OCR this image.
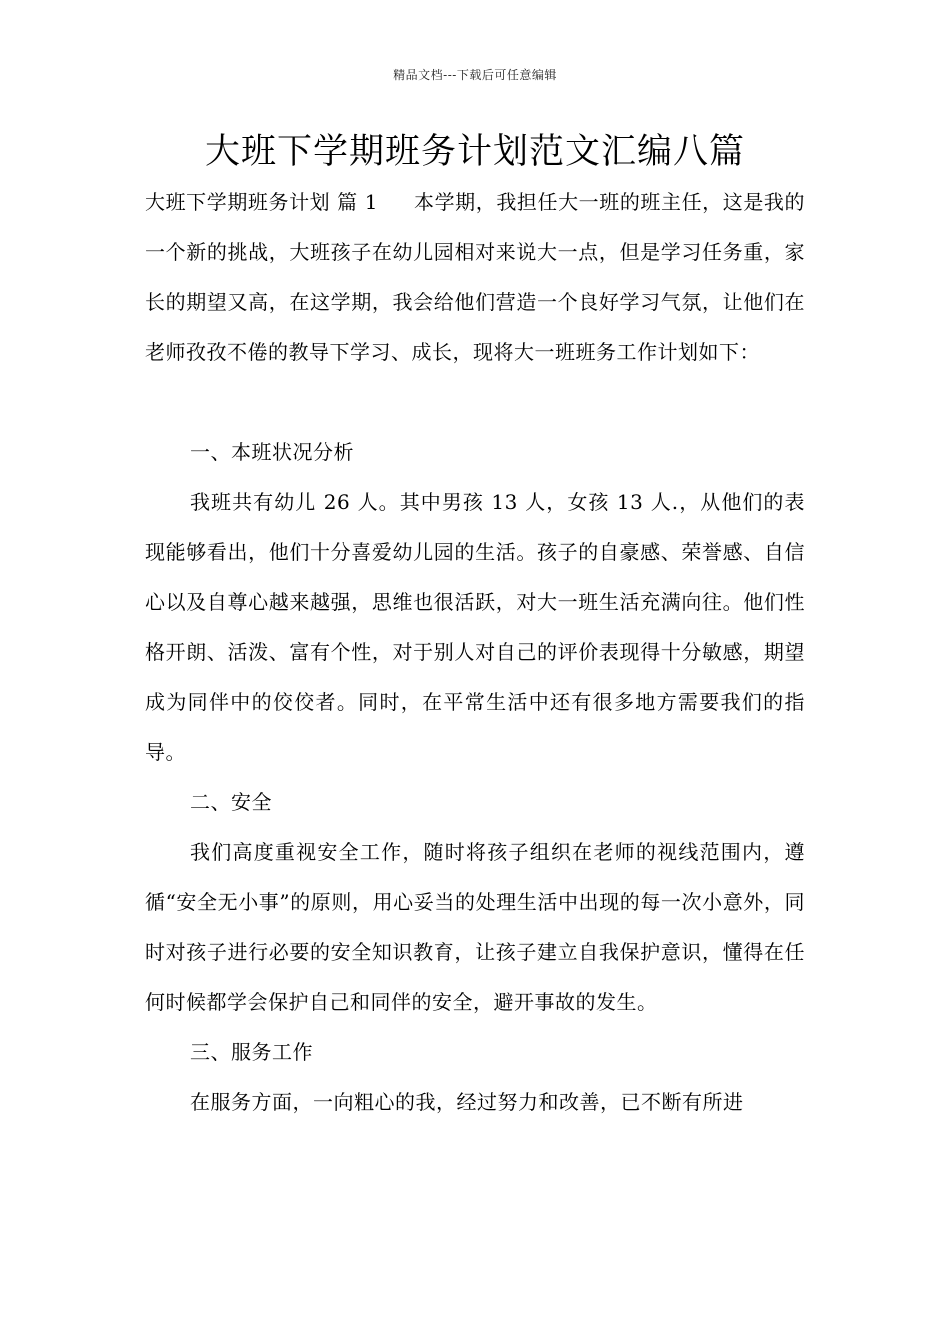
精品文档---下载后可任意编辑
大班下学期班务计划范文汇编八篇

大班下学期班务计划 篇 1 本学期，我担任大一班的班主任，这是我的一个新的挑战，大班孩子在幼儿园相对来说大一点，但是学习任务重，家长的期望又高，在这学期，我会给他们营造一个良好学习气氛，让他们在老师孜孜不倦的教导下学习、成长，现将大一班班务工作计划如下：

一、本班状况分析

我班共有幼儿 26 人。其中男孩 13 人，女孩 13 人.，从他们的表现能够看出，他们十分喜爱幼儿园的生活。孩子的自豪感、荣誉感、自信心以及自尊心越来越强，思维也很活跃，对大一班生活充满向往。他们性格开朗、活泼、富有个性，对于别人对自己的评价表现得十分敏感，期望成为同伴中的佼佼者。同时，在平常生活中还有很多地方需要我们的指导。

二、安全

我们高度重视安全工作，随时将孩子组织在老师的视线范围内，遵循“安全无小事”的原则，用心妥当的处理生活中出现的每一次小意外，同时对孩子进行必要的安全知识教育，让孩子建立自我保护意识，懂得在任何时候都学会保护自己和同伴的安全，避开事故的发生。

三、服务工作

在服务方面，一向粗心的我，经过努力和改善，已不断有所进
